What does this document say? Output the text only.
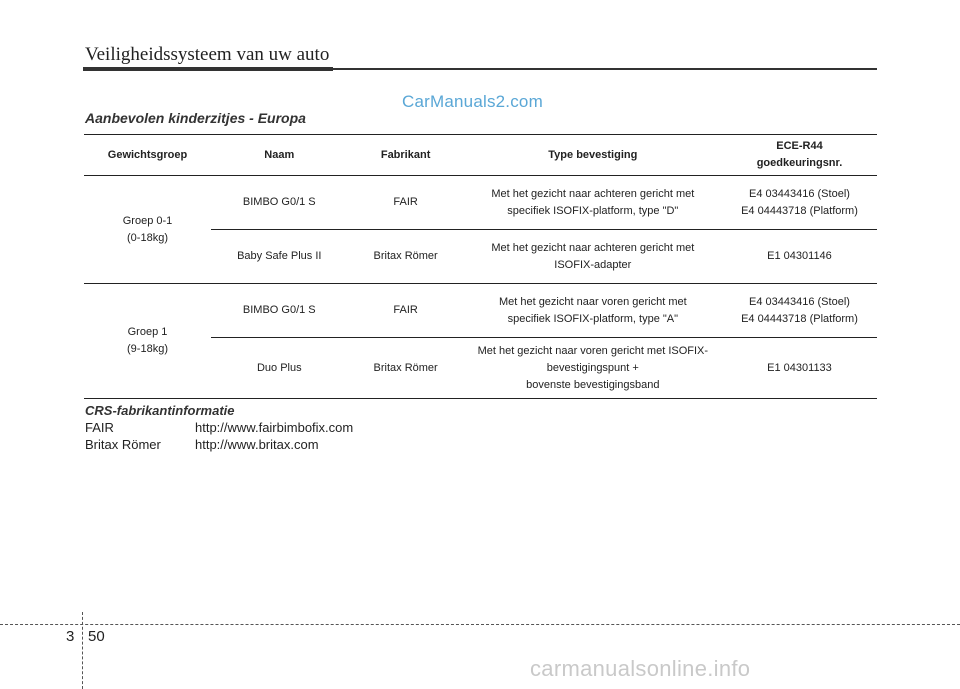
Veiligheidssysteem van uw auto
CarManuals2.com
Aanbevolen kinderzitjes - Europa
Gewichtsgroep	Naam	Fabrikant	Type bevestiging	ECE-R44
goedkeuringsnr.

Groep 0-1
(0-18kg)	BIMBO G0/1 S	FAIR	Met het gezicht naar achteren gericht met
specifiek ISOFIX-platform, type "D"	E4 03443416 (Stoel)
E4 04443718 (Platform)

	Baby Safe Plus II	Britax Römer	Met het gezicht naar achteren gericht met
ISOFIX-adapter	E1 04301146

Groep 1
(9-18kg)	BIMBO G0/1 S	FAIR	Met het gezicht naar voren gericht met
specifiek ISOFIX-platform, type "A"	E4 03443416 (Stoel)
E4 04443718 (Platform)

	Duo Plus	Britax Römer	Met het gezicht naar voren gericht met ISOFIX-
bevestigingspunt +
bovenste bevestigingsband	E1 04301133
CRS-fabrikantinformatie
FAIR	http://www.fairbimbofix.com
Britax Römer	http://www.britax.com
3 50
carmanualsonline.info
